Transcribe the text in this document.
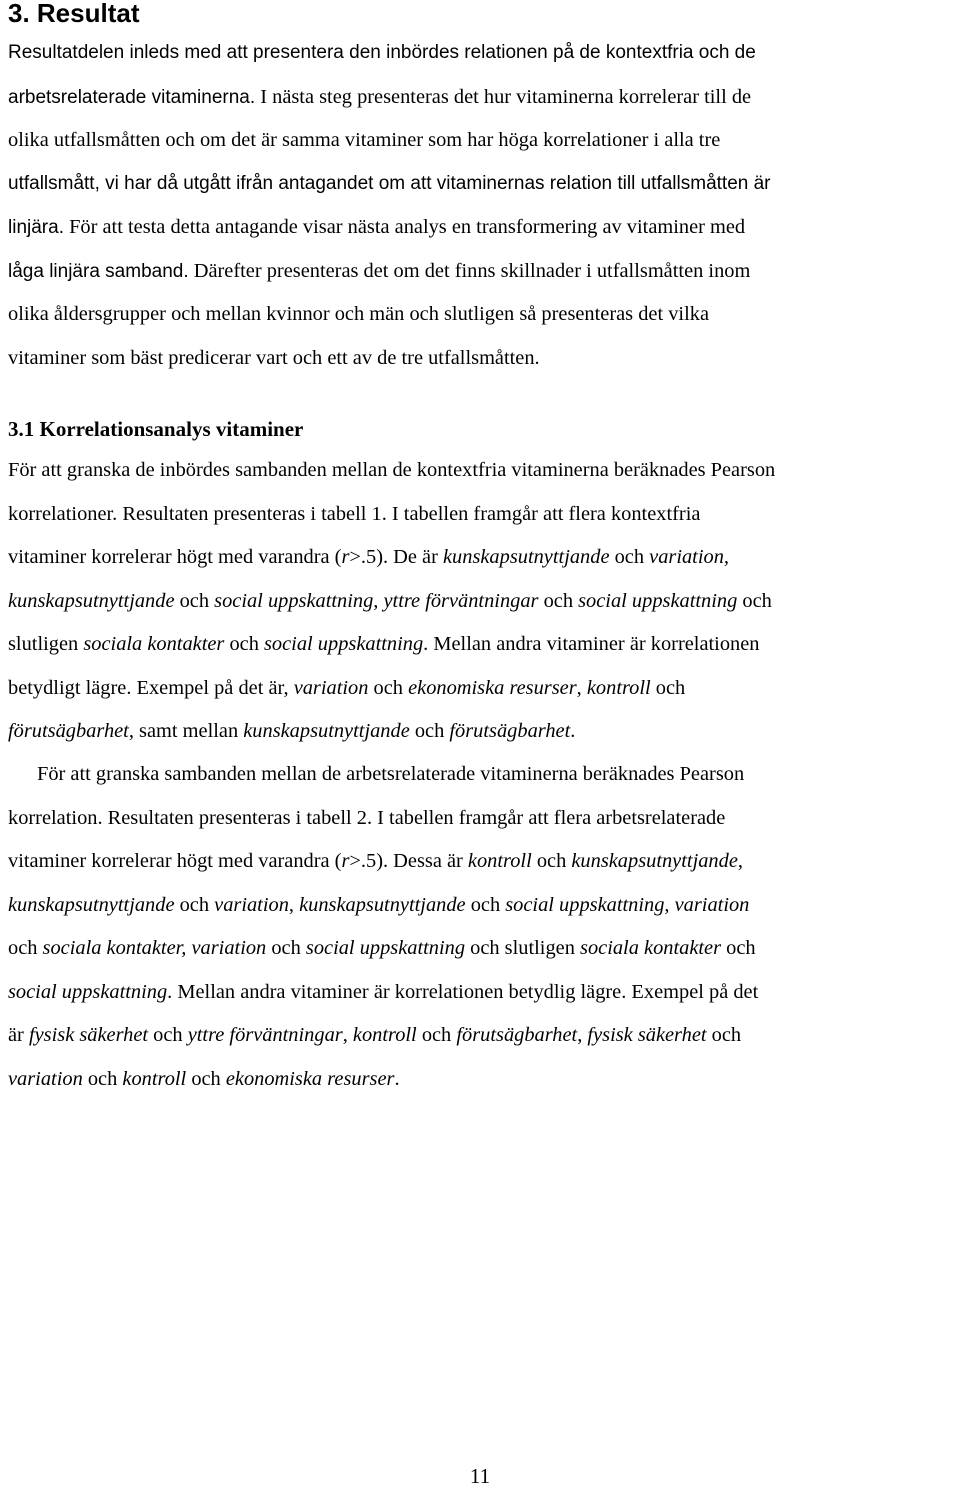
3. Resultat
Resultatdelen inleds med att presentera den inbördes relationen på de kontextfria och de
arbetsrelaterade vitaminerna. I nästa steg presenteras det hur vitaminerna korrelerar till de
olika utfallsmåtten och om det är samma vitaminer som har höga korrelationer i alla tre
utfallsmått, vi har då utgått ifrån antagandet om att vitaminernas relation till utfallsmåtten är
linjära. För att testa detta antagande visar nästa analys en transformering av vitaminer med
låga linjära samband. Därefter presenteras det om det finns skillnader i utfallsmåtten inom
olika åldersgrupper och mellan kvinnor och män och slutligen så presenteras det vilka
vitaminer som bäst predicerar vart och ett av de tre utfallsmåtten.
3.1 Korrelationsanalys vitaminer
För att granska de inbördes sambanden mellan de kontextfria vitaminerna beräknades Pearson
korrelationer. Resultaten presenteras i tabell 1. I tabellen framgår att flera kontextfria
vitaminer korrelerar högt med varandra (r>.5). De är kunskapsutnyttjande och variation,
kunskapsutnyttjande och social uppskattning, yttre förväntningar och social uppskattning och
slutligen sociala kontakter och social uppskattning. Mellan andra vitaminer är korrelationen
betydligt lägre. Exempel på det är, variation och ekonomiska resurser, kontroll och
förutsägbarhet, samt mellan kunskapsutnyttjande och förutsägbarhet.
För att granska sambanden mellan de arbetsrelaterade vitaminerna beräknades Pearson
korrelation. Resultaten presenteras i tabell 2. I tabellen framgår att flera arbetsrelaterade
vitaminer korrelerar högt med varandra (r>.5). Dessa är kontroll och kunskapsutnyttjande,
kunskapsutnyttjande och variation, kunskapsutnyttjande och social uppskattning, variation
och sociala kontakter, variation och social uppskattning och slutligen sociala kontakter och
social uppskattning. Mellan andra vitaminer är korrelationen betydlig lägre. Exempel på det
är fysisk säkerhet och yttre förväntningar, kontroll och förutsägbarhet, fysisk säkerhet och
variation och kontroll och ekonomiska resurser.
11
